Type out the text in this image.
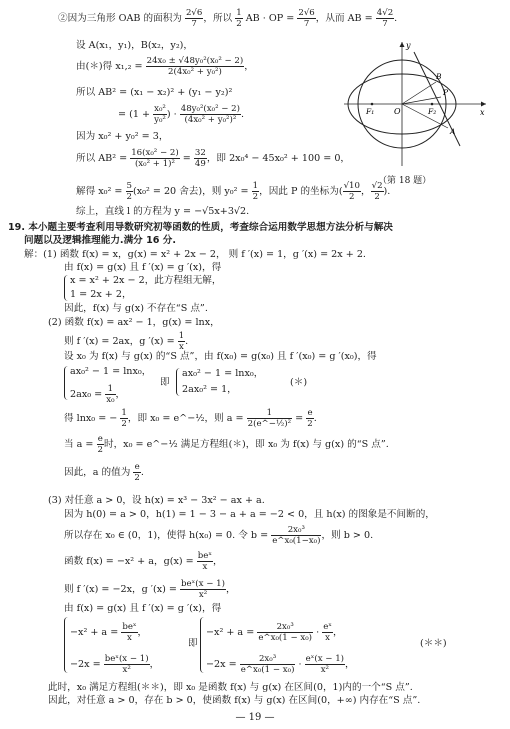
②因为三角形 OAB 的面积为 $\frac{2√6}{7}$ ，所以 $\frac{1}{2}$ AB · OP = $\frac{2√6}{7}$ ，从而 AB = $\frac{4√2}{7}$ .
设 A(x₁，y₁)，B(x₂，y₂)，
由(＊)得 $x_1,_2 = \frac{\text{24x₀ ± √48y₀²(x₀² − 2)}}{\text{2(4x₀² + y₀²)}}$ ，
所以 AB² = (x₁ − x₂)² + (y₁ − y₂)²
= ($1 + \frac{\text{x₀²}}{\text{y₀²}}$ ) · $\frac{\text{48y₀²(x₀² − 2)}}{\text{(4x₀² + y₀²)²}}$ .
因为 x₀² + y₀² = 3，
所以 $AB^2 = \frac{\text{16(x₀² − 2)}}{\text{(x₀² + 1)²}} = \frac{32}{49}$ ，即 2x₀⁴ − 45x₀² + 100 = 0，
解得 $x_0^2 = \frac{5}{2} (x_0^2 = 20$ 舍去)，则 $y_0^2 = \frac{1}{2}$ ，因此 P 的坐标为( $\frac{√10}{2}$ ， $\frac{√2}{2}$ ).
综上，直线 l 的方程为 y = −√5x+3√2.
y
x
O
F₁	F₂
B
P
A
（第 18 题）
19. 本小题主要考查利用导数研究初等函数的性质，考查综合运用数学思想方法分析与解决
问题以及逻辑推理能力.满分 16 分.
解：(1) 函数 f(x) = x，g(x) = x² + 2x − 2， 则 f ′(x) = 1，g ′(x) = 2x + 2.
由 f(x) = g(x) 且 f ′(x) = g ′(x)，得
x = x² + 2x − 2，此方程组无解，
1 = 2x + 2，
因此，f(x) 与 g(x) 不存在“S 点”.
(2) 函数 f(x) = ax² − 1，g(x) = lnx，
则 f ′(x) = 2ax，g $'(x) = \frac{1}{x}$ .
设 x₀ 为 f(x) 与 g(x) 的“S 点”，由 f(x₀) = g(x₀) 且 f ′(x₀) = g ′(x₀)，得
ax₀² − 1 = lnx₀，
$2ax_0 = \frac{1}{\text{x₀}}$ ，
即
ax₀² − 1 = lnx₀，
2ax₀² = 1，
(＊)
得 lnx₀ = − $\frac{1}{2}$ ，即 x₀ = e^−½，则 $a = \frac{1}{\text{2(e\textasciicircum{}−½)²}} = \frac{e}{2}$ .
当 $a = \frac{e}{2}$ 时，x₀ = e^−½ 满足方程组(＊)，即 x₀ 为 f(x) 与 g(x) 的“S 点”.
因此，a 的值为 $\frac{e}{2}$ .
(3) 对任意 a > 0，设 h(x) = x³ − 3x² − ax + a.
因为 h(0) = a > 0，h(1) = 1 − 3 − a + a = −2 < 0，且 h(x) 的图象是不间断的，
所以存在 x₀ ∈ (0，1)，使得 h(x₀) = 0. 令 $b = \frac{\text{2x₀³}}{\text{e\textasciicircum{}x₀(1−x₀)}}$ ，则 b > 0.
函数 f(x) = −x² + a，$g(x) = \frac{\text{beˣ}}{x}$ ，
则 f ′(x) = −2x，g $'(x) = \frac{\text{beˣ(x − 1)}}{\text{x²}}$ ，
由 f(x) = g(x) 且 f ′(x) = g ′(x)，得
$-x^2 + a = \frac{\text{beˣ}}{x}$ ，
$-2x = \frac{\text{beˣ(x − 1)}}{\text{x²}}$ ，
即
$-x^2 + a = \frac{\text{2x₀³}}{\text{e\textasciicircum{}x₀(1 − x₀)}} \cdot \frac{\text{eˣ}}{x}$ ，
$-2x = \frac{\text{2x₀³}}{\text{e\textasciicircum{}x₀(1 − x₀)}} \cdot \frac{\text{eˣ(x − 1)}}{\text{x²}}$ ，
(＊＊)
此时，x₀ 满足方程组(＊＊)，即 x₀ 是函数 f(x) 与 g(x) 在区间(0，1)内的一个“S 点”.
因此，对任意 a > 0，存在 b > 0，使函数 f(x) 与 g(x) 在区间(0，+∞) 内存在“S 点”.
— 19 —
